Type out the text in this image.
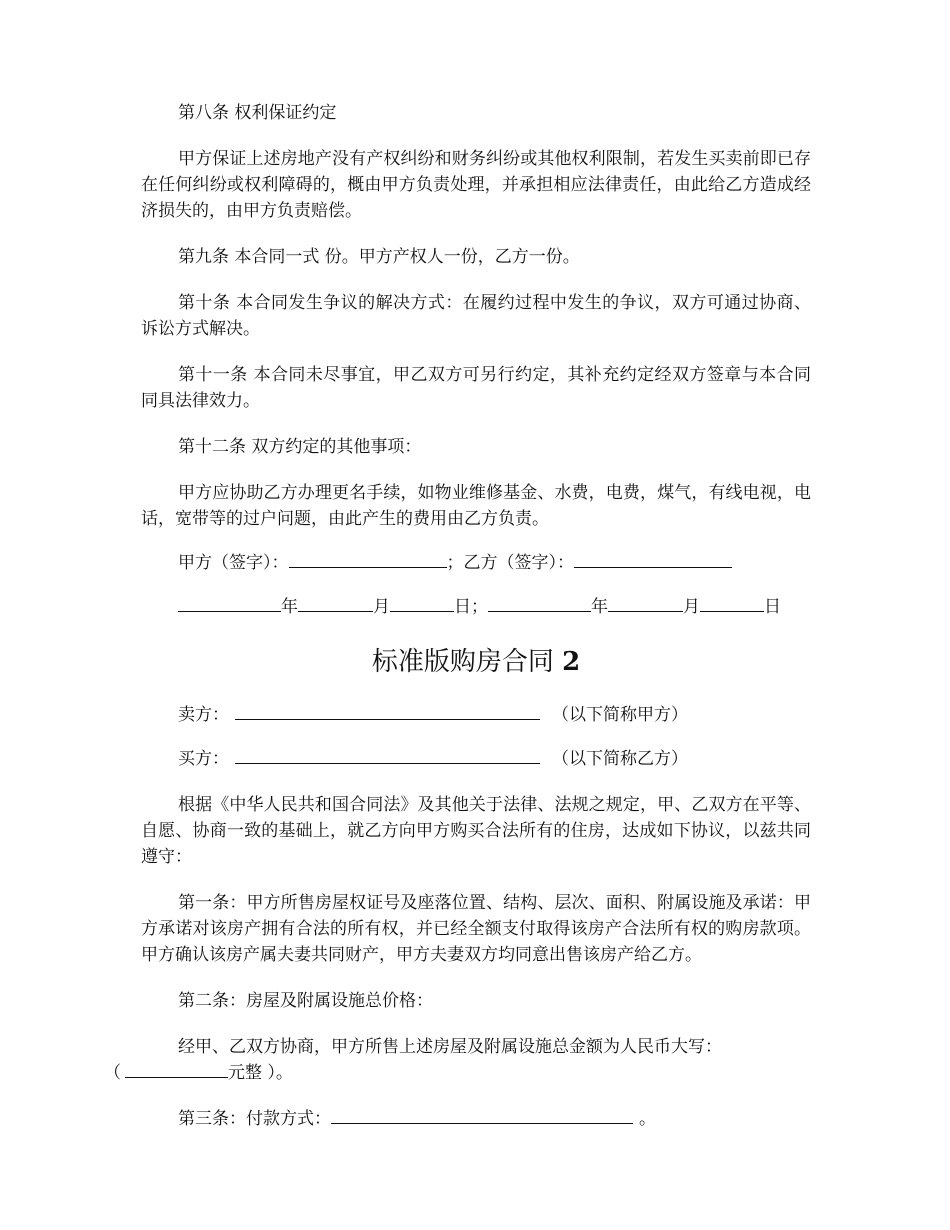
第八条 权利保证约定

甲方保证上述房地产没有产权纠纷和财务纠纷或其他权利限制，若发生买卖前即已存在任何纠纷或权利障碍的，概由甲方负责处理，并承担相应法律责任，由此给乙方造成经济损失的，由甲方负责赔偿。

第九条 本合同一式 份。甲方产权人一份，乙方一份。

第十条 本合同发生争议的解决方式：在履约过程中发生的争议，双方可通过协商、诉讼方式解决。

第十一条 本合同未尽事宜，甲乙双方可另行约定，其补充约定经双方签章与本合同同具法律效力。

第十二条 双方约定的其他事项：

甲方应协助乙方办理更名手续，如物业维修基金、水费，电费，煤气，有线电视，电话，宽带等的过户问题，由此产生的费用由乙方负责。

甲方（签字）：	；乙方（签字）：

年	月	日；	年	月	日

标准版购房合同 2

卖方：	（以下简称甲方）

买方：	（以下简称乙方）

根据《中华人民共和国合同法》及其他关于法律、法规之规定，甲、乙双方在平等、自愿、协商一致的基础上，就乙方向甲方购买合法所有的住房，达成如下协议，以兹共同遵守：

第一条：甲方所售房屋权证号及座落位置、结构、层次、面积、附属设施及承诺：甲方承诺对该房产拥有合法的所有权，并已经全额支付取得该房产合法所有权的购房款项。甲方确认该房产属夫妻共同财产，甲方夫妻双方均同意出售该房产给乙方。

第二条：房屋及附属设施总价格：

经甲、乙双方协商，甲方所售上述房屋及附属设施总金额为人民币大写：
（	元整 ）。

第三条：付款方式：	。
